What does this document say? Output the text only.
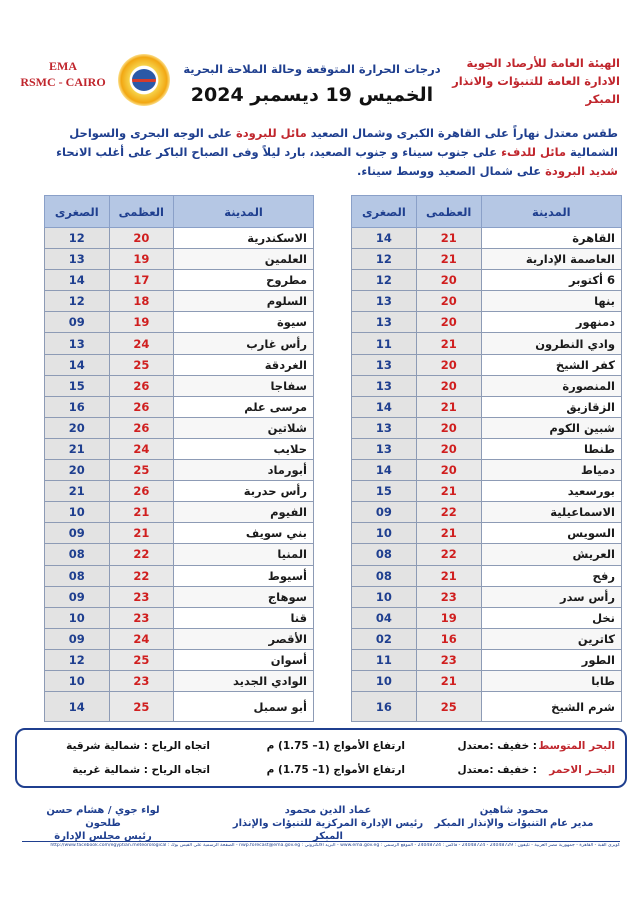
EMA
RSMC - CAIRO
درجات الحرارة المتوقعة وحالة الملاحة البحرية
الخميس 19 ديسمبر 2024
الهيئة العامة للأرصاد الجوية
الادارة العامة للتنبؤات والانذار المبكر
طقس معتدل نهاراً على القاهرة الكبرى وشمال الصعيد مائل للبرودة على الوجه البحرى والسواحل الشمالية مائل للدفء على جنوب سيناء و جنوب الصعيد، بارد ليلاً وفى الصباح الباكر على أغلب الانحاء شديد البرودة على شمال الصعيد ووسط سيناء.
المدينة	العظمى	الصغرى
القاهرة	21	14
العاصمة الإدارية	21	12
6 أكتوبر	20	12
بنها	20	13
دمنهور	20	13
وادي النطرون	21	11
كفر الشيخ	20	13
المنصورة	20	13
الزقازيق	21	14
شبين الكوم	20	13
طنطا	20	13
دمياط	20	14
بورسعيد	21	15
الاسماعيلية	22	09
السويس	21	10
العريش	22	08
رفح	21	08
رأس سدر	23	10
نخل	19	04
كاترين	16	02
الطور	23	11
طابا	21	10
شرم الشيخ	25	16
المدينة	العظمى	الصغرى
الاسكندرية	20	12
العلمين	19	13
مطروح	17	14
السلوم	18	12
سيوة	19	09
رأس غارب	24	13
الغردقة	25	14
سفاجا	26	15
مرسى علم	26	16
شلاتين	26	20
حلايب	24	21
أبورماد	25	20
رأس حدربة	26	21
الفيوم	21	10
بني سويف	21	09
المنيا	22	08
أسيوط	22	08
سوهاج	23	09
قنا	23	10
الأقصر	24	09
أسوان	25	12
الوادي الجديد	23	10
أبو سمبل	25	14
البحر المتوسط
: خفيف :معتدل
ارتفاع الأمواج (1– 1.75) م
اتجاه الرياح : شمالية شرقية
البحـر الاحمر
: خفيف :معتدل
ارتفاع الأمواج (1– 1.75) م
اتجاه الرياح : شمالية غربية
محمود شاهين
مدير عام التنبؤات والإنذار المبكر
عماد الدين محمود
رئيس الإدارة المركزية للتنبؤات والإنذار المبكر
لواء جوي / هشام حسن طلحون
رئيس مجلس الإدارة
كوبري القبة - القاهرة - جمهورية مصر العربية - تليفون : 24048729 - 24048724 - فاكس : 24048724 - الموقع الرسمي : www.ema.gov.eg - البريد الالكتروني : nwp.forecast@ema.gov.eg - الصفحة الرسمية على الفيس بوك : http://www.facebook.com/egyptian.meteorological
